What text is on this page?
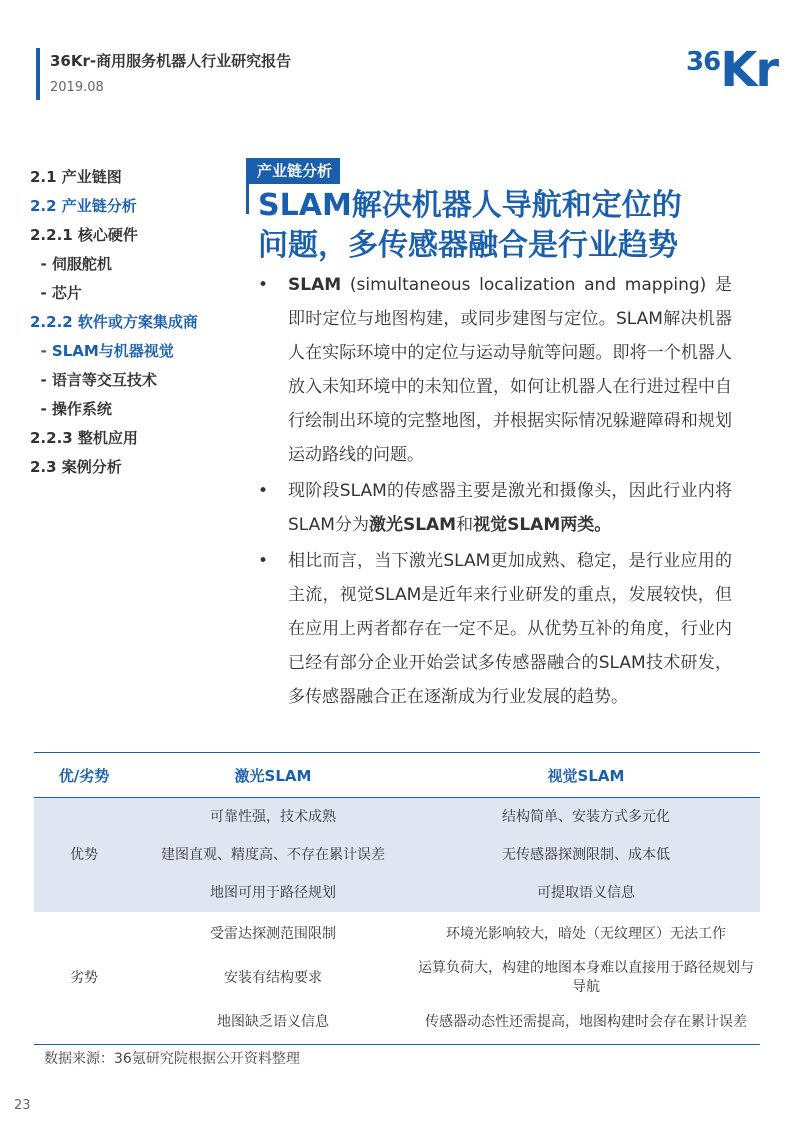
36Kr-商用服务机器人行业研究报告
2019.08
36Kr
2.1 产业链图
2.2 产业链分析
2.2.1 核心硬件
- 伺服舵机
- 芯片
2.2.2 软件或方案集成商
- SLAM与机器视觉
- 语言等交互技术
- 操作系统
2.2.3 整机应用
2.3 案例分析
产业链分析
SLAM解决机器人导航和定位的
问题，多传感器融合是行业趋势

• SLAM (simultaneous localization and mapping) 是即时定位与地图构建，或同步建图与定位。SLAM解决机器人在实际环境中的定位与运动导航等问题。即将一个机器人放入未知环境中的未知位置，如何让机器人在行进过程中自行绘制出环境的完整地图，并根据实际情况躲避障碍和规划运动路线的问题。

• 现阶段SLAM的传感器主要是激光和摄像头，因此行业内将SLAM分为激光SLAM和视觉SLAM两类。

• 相比而言，当下激光SLAM更加成熟、稳定，是行业应用的主流，视觉SLAM是近年来行业研发的重点，发展较快，但在应用上两者都存在一定不足。从优势互补的角度，行业内已经有部分企业开始尝试多传感器融合的SLAM技术研发，多传感器融合正在逐渐成为行业发展的趋势。

优/劣势	激光SLAM	视觉SLAM
优势	可靠性强，技术成熟	结构简单、安装方式多元化
	建图直观、精度高、不存在累计误差	无传感器探测限制、成本低
	地图可用于路径规划	可提取语义信息
劣势	受雷达探测范围限制	环境光影响较大，暗处（无纹理区）无法工作
	安装有结构要求	运算负荷大，构建的地图本身难以直接用于路径规划与导航
	地图缺乏语义信息	传感器动态性还需提高，地图构建时会存在累计误差
数据来源：36氪研究院根据公开资料整理
23
